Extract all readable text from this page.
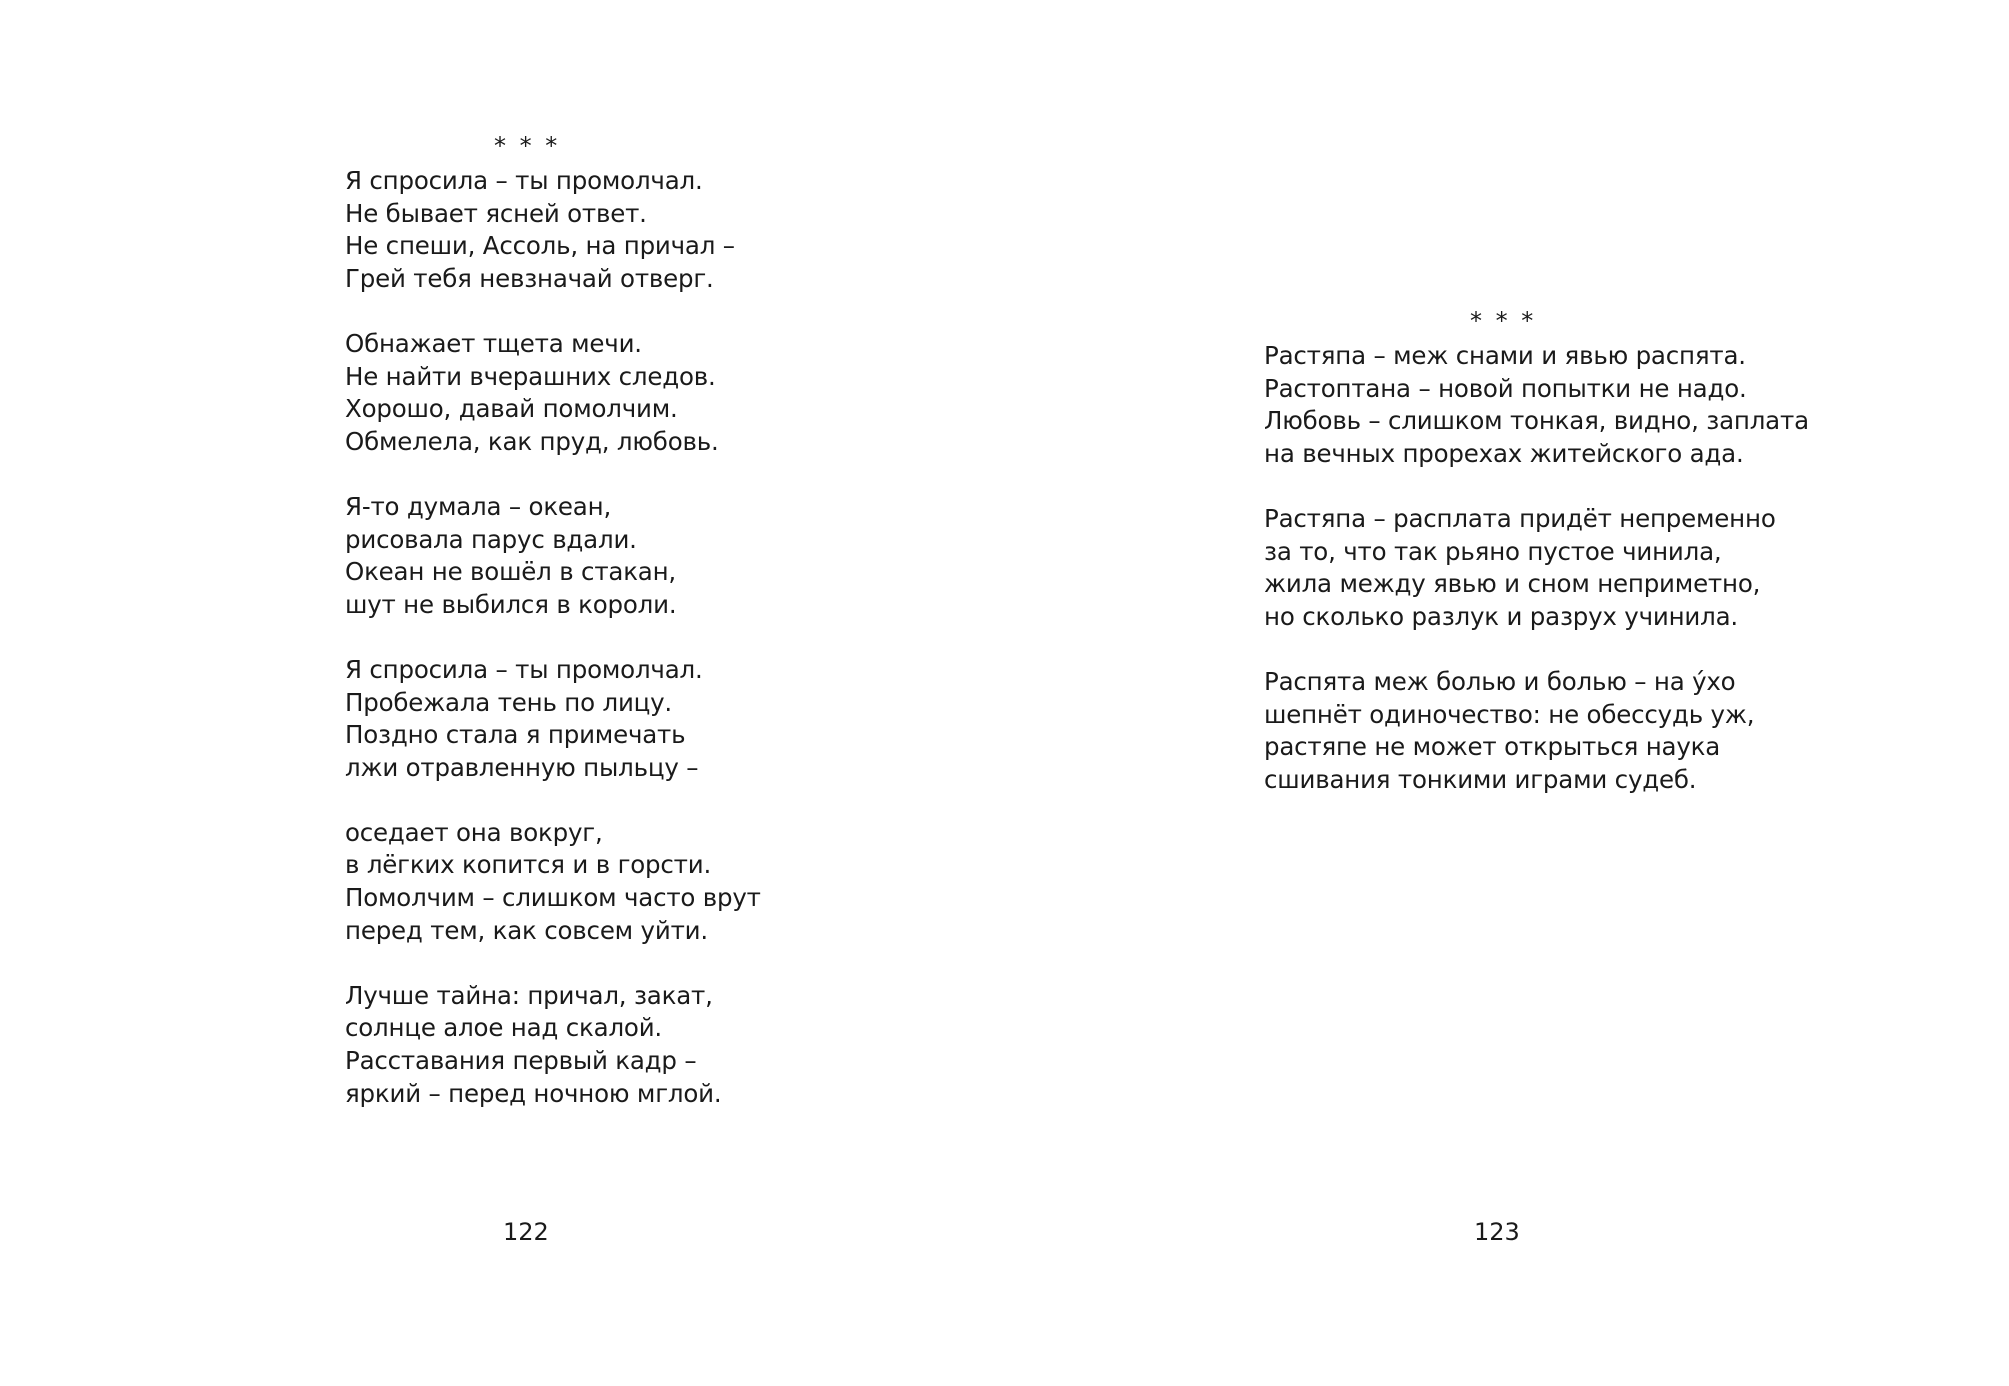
* * *
Я спросила – ты промолчал.
Не бывает ясней ответ.
Не спеши, Ассоль, на причал –
Грей тебя невзначай отверг.
Обнажает тщета мечи.
Не найти вчерашних следов.
Хорошо, давай помолчим.
Обмелела, как пруд, любовь.
Я-то думала – океан,
рисовала парус вдали.
Океан не вошёл в стакан,
шут не выбился в короли.
Я спросила – ты промолчал.
Пробежала тень по лицу.
Поздно стала я примечать
лжи отравленную пыльцу –
оседает она вокруг,
в лёгких копится и в горсти.
Помолчим – слишком часто врут
перед тем, как совсем уйти.
Лучше тайна: причал, закат,
солнце алое над скалой.
Расставания первый кадр –
яркий – перед ночною мглой.
122
* * *
Растяпа – меж снами и явью распята.
Растоптана – новой попытки не надо.
Любовь – слишком тонкая, видно, заплата
на вечных прорехах житейского ада.
Растяпа – расплата придёт непременно
за то, что так рьяно пустое чинила,
жила между явью и сном неприметно,
но сколько разлук и разрух учинила.
Распята меж болью и болью – на у́хо
шепнёт одиночество: не обессудь уж,
растяпе не может открыться наука
сшивания тонкими играми судеб.
123
